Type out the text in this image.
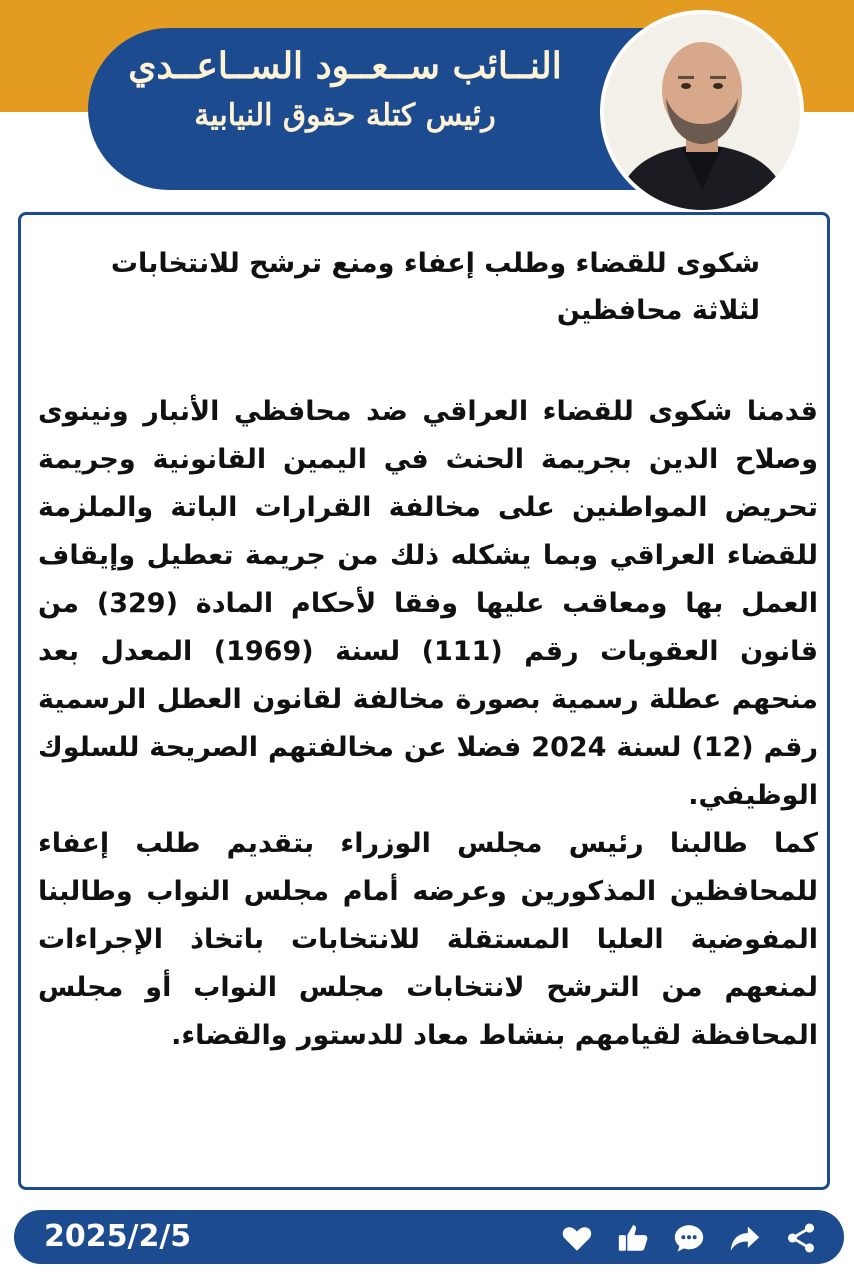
النــائب ســعــود الســاعــدي
رئيس كتلة حقوق النيابية
شكوى للقضاء وطلب إعفاء ومنع ترشح للانتخابات لثلاثة محافظين

قدمنا شكوى للقضاء العراقي ضد محافظي الأنبار ونينوى وصلاح الدين بجريمة الحنث في اليمين القانونية وجريمة تحريض المواطنين على مخالفة القرارات الباتة والملزمة للقضاء العراقي وبما يشكله ذلك من جريمة تعطيل وإيقاف العمل بها ومعاقب عليها وفقا لأحكام المادة (329) من قانون العقوبات رقم (111) لسنة (1969) المعدل بعد منحهم عطلة رسمية بصورة مخالفة لقانون العطل الرسمية رقم (12) لسنة 2024 فضلا عن مخالفتهم الصريحة للسلوك الوظيفي.

كما طالبنا رئيس مجلس الوزراء بتقديم طلب إعفاء للمحافظين المذكورين وعرضه أمام مجلس النواب وطالبنا المفوضية العليا المستقلة للانتخابات باتخاذ الإجراءات لمنعهم من الترشح لانتخابات مجلس النواب أو مجلس المحافظة لقيامهم بنشاط معاد للدستور والقضاء.

2025/2/5
